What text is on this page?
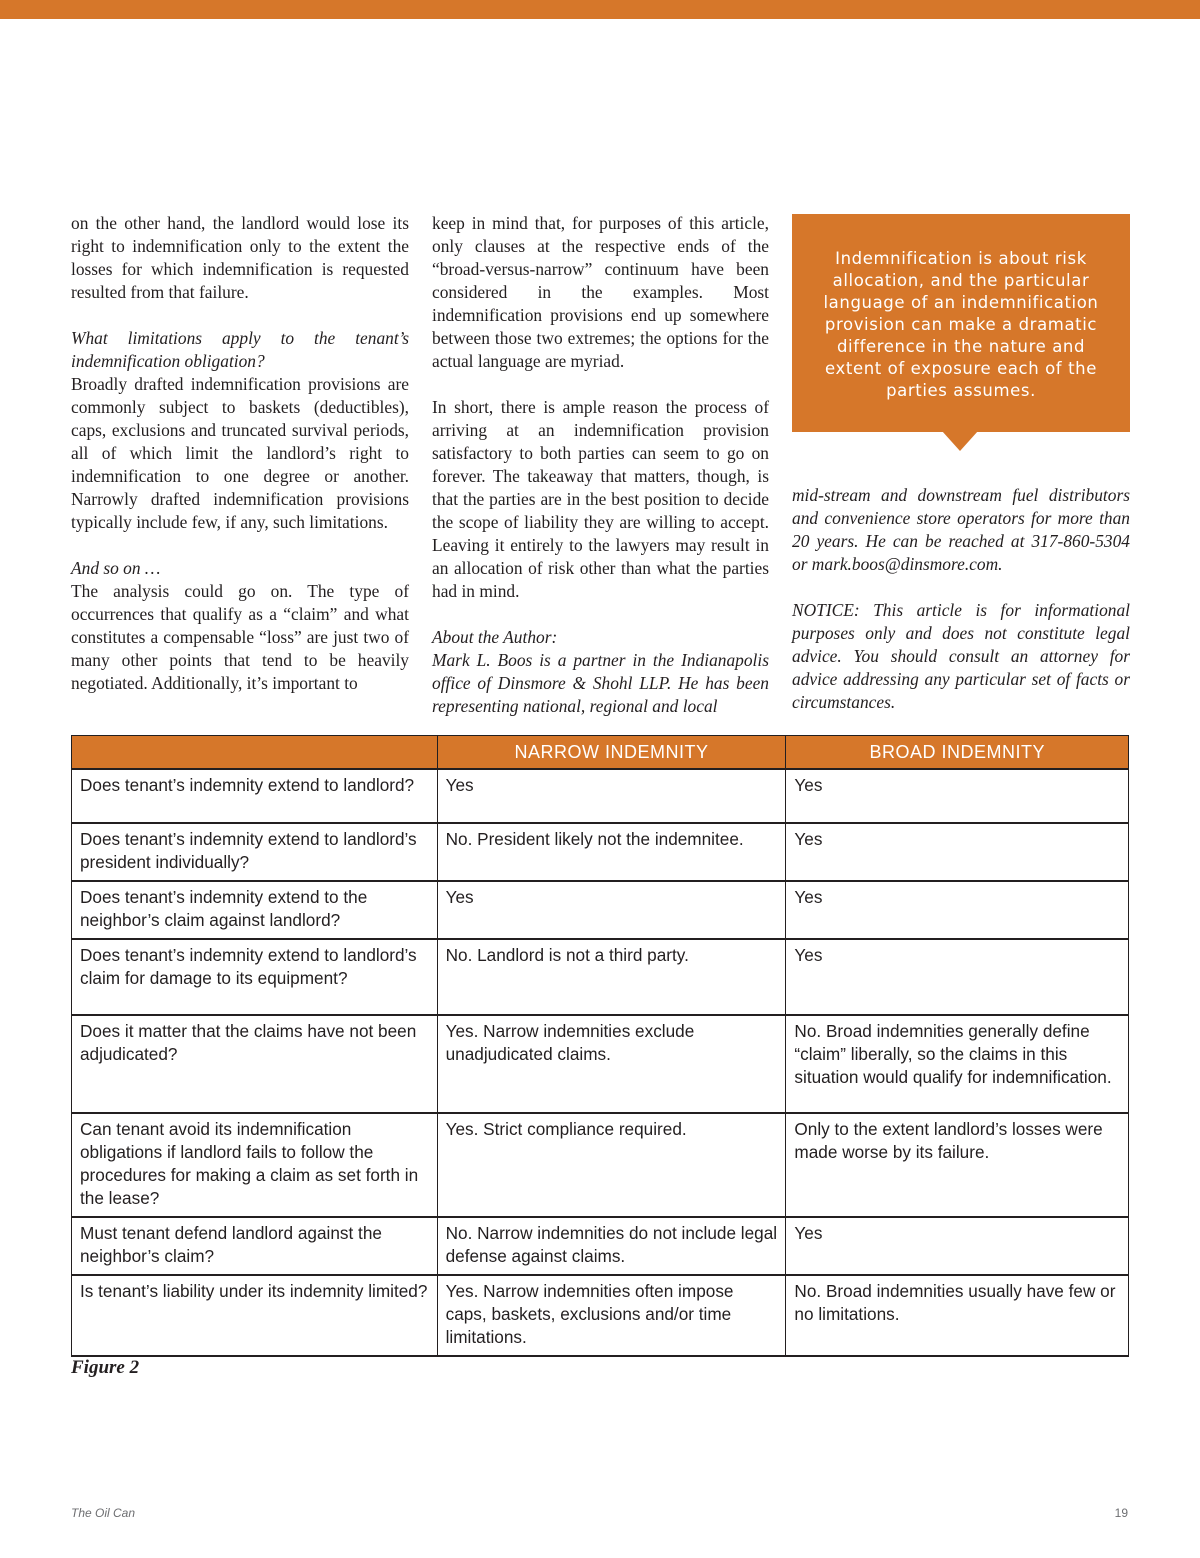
on the other hand, the landlord would lose its right to indemnification only to the extent the losses for which indemnification is requested resulted from that failure.

What limitations apply to the tenant’s indemnification obligation?
Broadly drafted indemnification provisions are commonly subject to baskets (deductibles), caps, exclusions and truncated survival periods, all of which limit the landlord’s right to indemnification to one degree or another. Narrowly drafted indemnification provisions typically include few, if any, such limitations.

And so on …
The analysis could go on. The type of occurrences that qualify as a “claim” and what constitutes a compensable “loss” are just two of many other points that tend to be heavily negotiated. Additionally, it’s important to

keep in mind that, for purposes of this article, only clauses at the respective ends of the “broad-versus-narrow” continuum have been considered in the examples. Most indemnification provisions end up somewhere between those two extremes; the options for the actual language are myriad.

In short, there is ample reason the process of arriving at an indemnification provision satisfactory to both parties can seem to go on forever. The takeaway that matters, though, is that the parties are in the best position to decide the scope of liability they are willing to accept. Leaving it entirely to the lawyers may result in an allocation of risk other than what the parties had in mind.

About the Author:
Mark L. Boos is a partner in the Indianapolis office of Dinsmore & Shohl LLP. He has been representing national, regional and local

Indemnification is about risk allocation, and the particular language of an indemnification provision can make a dramatic difference in the nature and extent of exposure each of the parties assumes.

mid-stream and downstream fuel distributors and convenience store operators for more than 20 years. He can be reached at 317-860-5304 or mark.boos@dinsmore.com.

NOTICE: This article is for informational purposes only and does not constitute legal advice. You should consult an attorney for advice addressing any particular set of facts or circumstances.

	NARROW INDEMNITY	BROAD INDEMNITY
Does tenant’s indemnity extend to landlord?	Yes	Yes
Does tenant’s indemnity extend to landlord’s president individually?	No. President likely not the indemnitee.	Yes
Does tenant’s indemnity extend to the neighbor’s claim against landlord?	Yes	Yes
Does tenant’s indemnity extend to landlord’s claim for damage to its equipment?	No. Landlord is not a third party.	Yes
Does it matter that the claims have not been adjudicated?	Yes. Narrow indemnities exclude unadjudicated claims.	No. Broad indemnities generally define “claim” liberally, so the claims in this situation would qualify for indemnification.
Can tenant avoid its indemnification obligations if landlord fails to follow the procedures for making a claim as set forth in the lease?	Yes. Strict compliance required.	Only to the extent landlord’s losses were made worse by its failure.
Must tenant defend landlord against the neighbor’s claim?	No. Narrow indemnities do not include legal defense against claims.	Yes
Is tenant’s liability under its indemnity limited?	Yes. Narrow indemnities often impose caps, baskets, exclusions and/or time limitations.	No. Broad indemnities usually have few or no limitations.
Figure 2
The Oil Can	19
